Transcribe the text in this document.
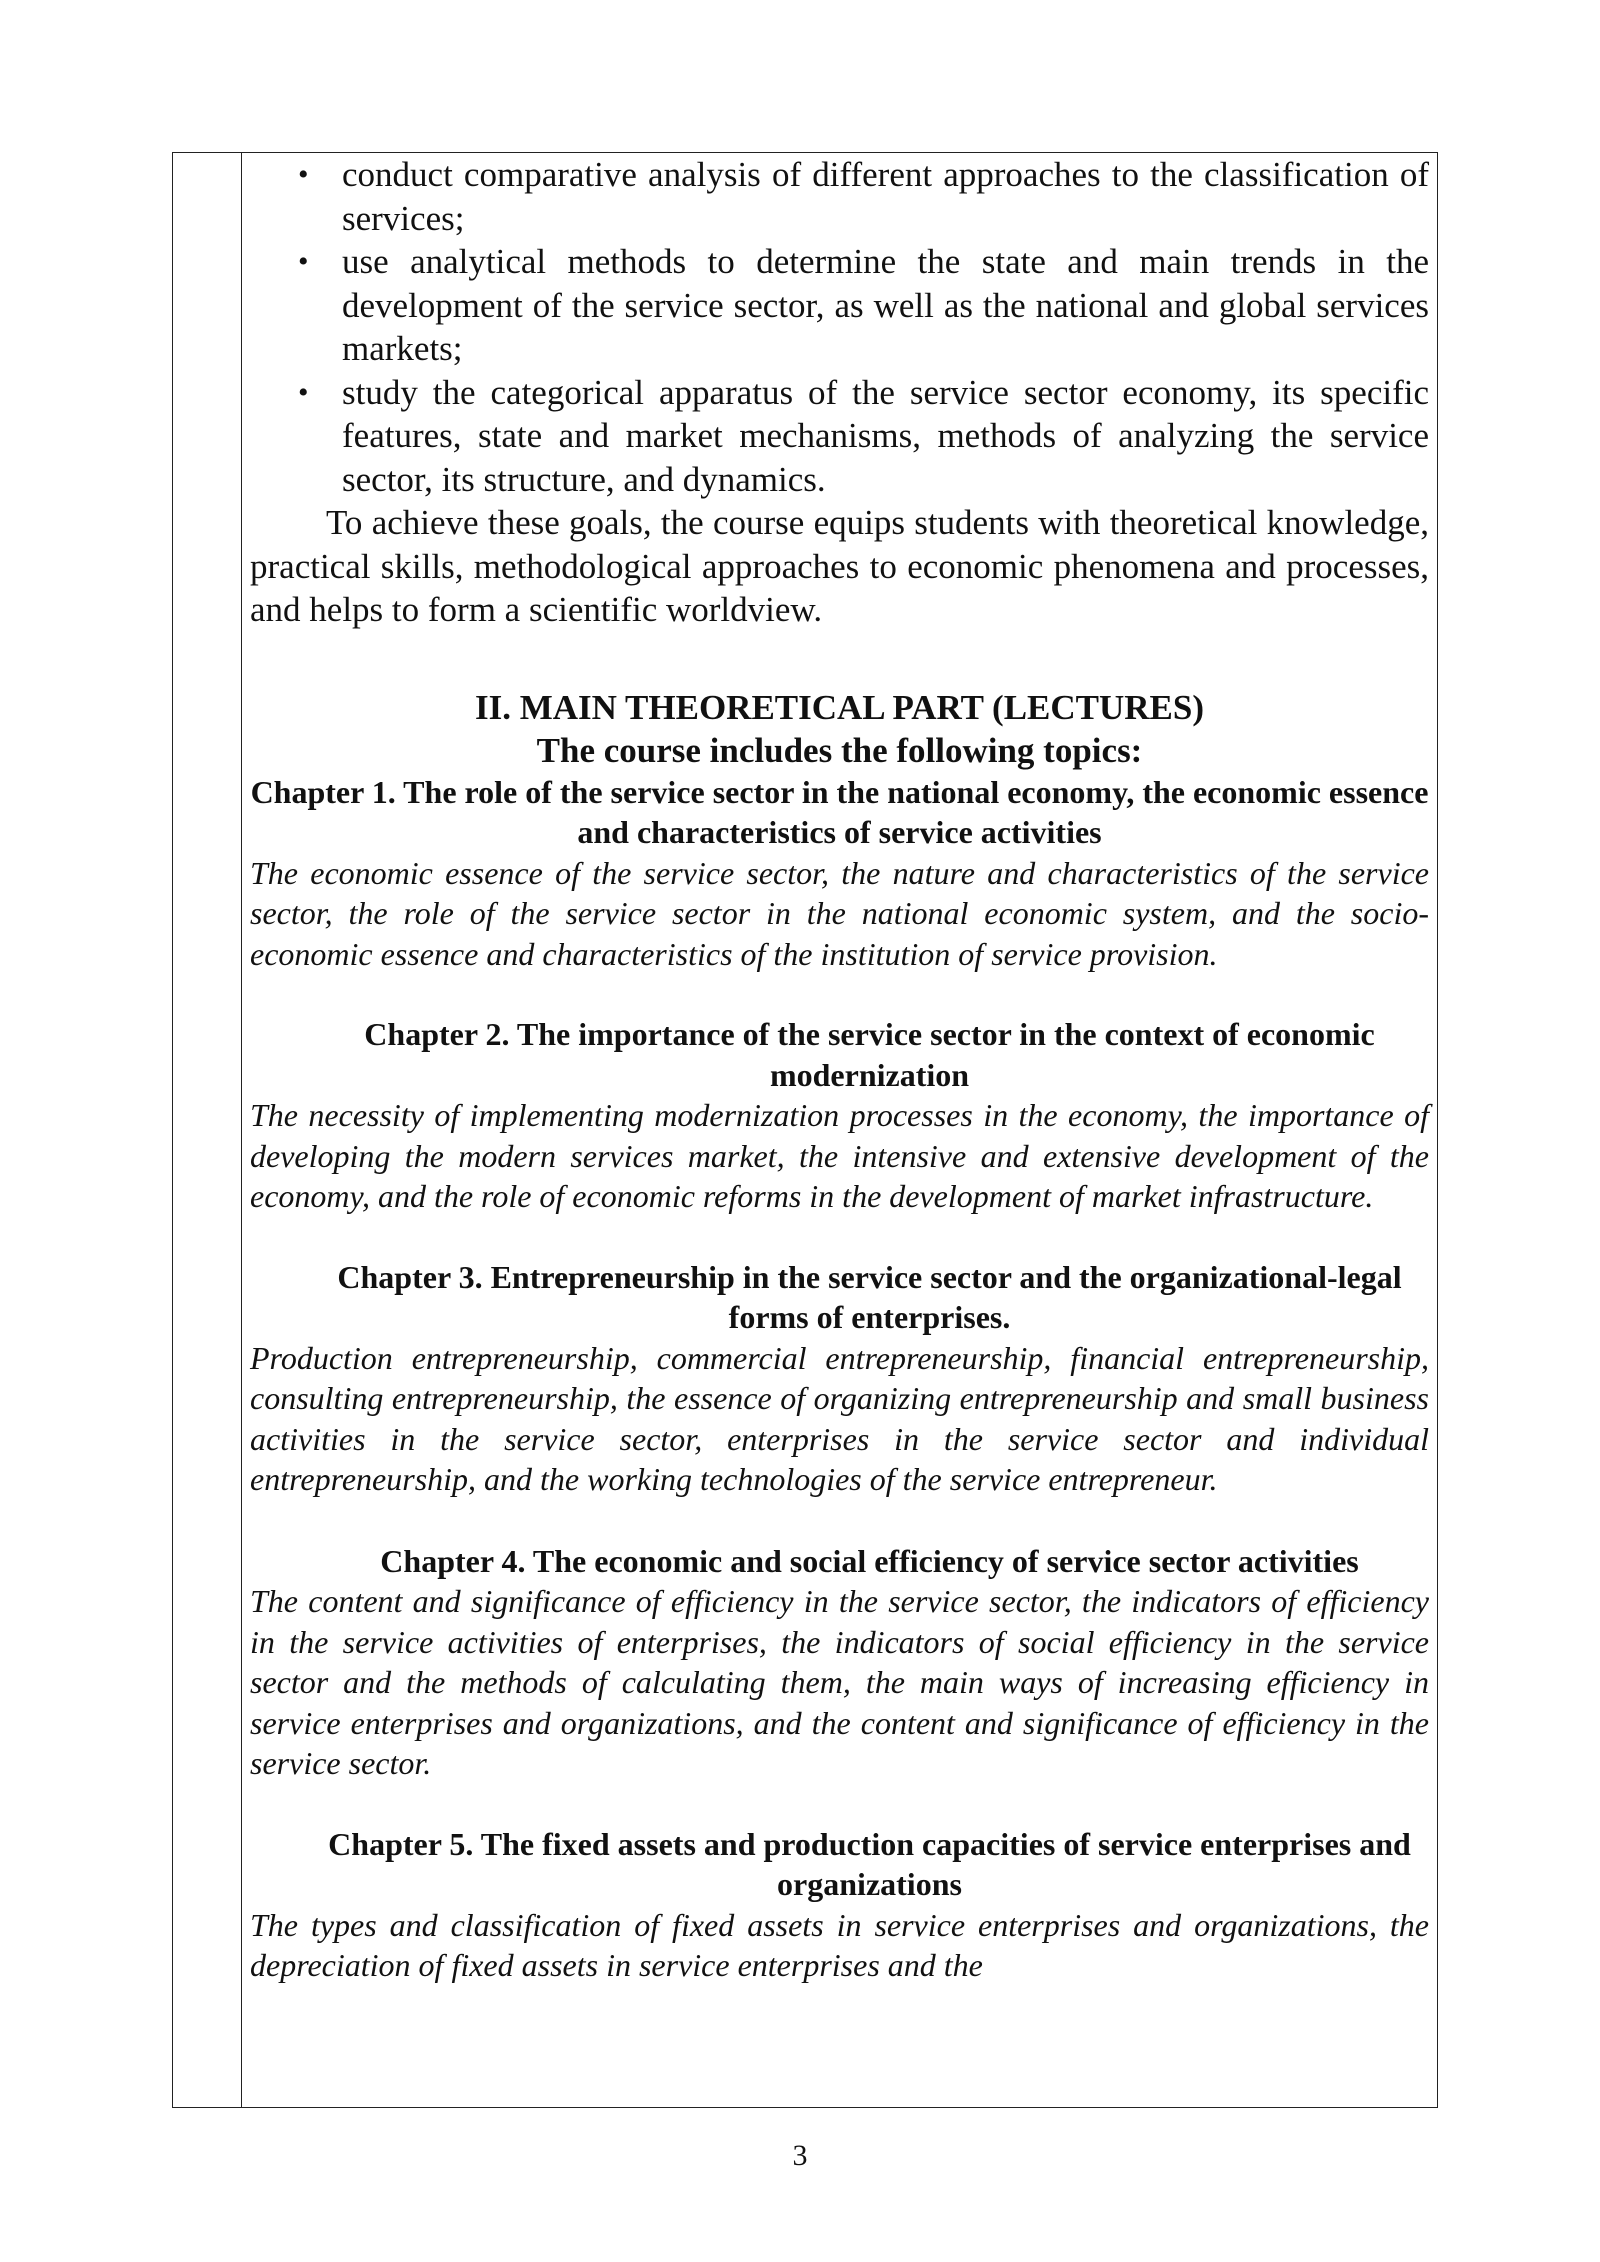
• conduct comparative analysis of different approaches to the classification of services;
• use analytical methods to determine the state and main trends in the development of the service sector, as well as the national and global services markets;
• study the categorical apparatus of the service sector economy, its specific features, state and market mechanisms, methods of analyzing the service sector, its structure, and dynamics.

To achieve these goals, the course equips students with theoretical knowledge, practical skills, methodological approaches to economic phenomena and processes, and helps to form a scientific worldview.

II. MAIN THEORETICAL PART (LECTURES)

The course includes the following topics:

Chapter 1. The role of the service sector in the national economy, the economic essence and characteristics of service activities

The economic essence of the service sector, the nature and characteristics of the service sector, the role of the service sector in the national economic system, and the socio-economic essence and characteristics of the institution of service provision.

Chapter 2. The importance of the service sector in the context of economic modernization

The necessity of implementing modernization processes in the economy, the importance of developing the modern services market, the intensive and extensive development of the economy, and the role of economic reforms in the development of market infrastructure.

Chapter 3. Entrepreneurship in the service sector and the organizational-legal forms of enterprises.

Production entrepreneurship, commercial entrepreneurship, financial entrepreneurship, consulting entrepreneurship, the essence of organizing entrepreneurship and small business activities in the service sector, enterprises in the service sector and individual entrepreneurship, and the working technologies of the service entrepreneur.

Chapter 4. The economic and social efficiency of service sector activities

The content and significance of efficiency in the service sector, the indicators of efficiency in the service activities of enterprises, the indicators of social efficiency in the service sector and the methods of calculating them, the main ways of increasing efficiency in service enterprises and organizations, and the content and significance of efficiency in the service sector.

Chapter 5. The fixed assets and production capacities of service enterprises and organizations

The types and classification of fixed assets in service enterprises and organizations, the depreciation of fixed assets in service enterprises and the

3
